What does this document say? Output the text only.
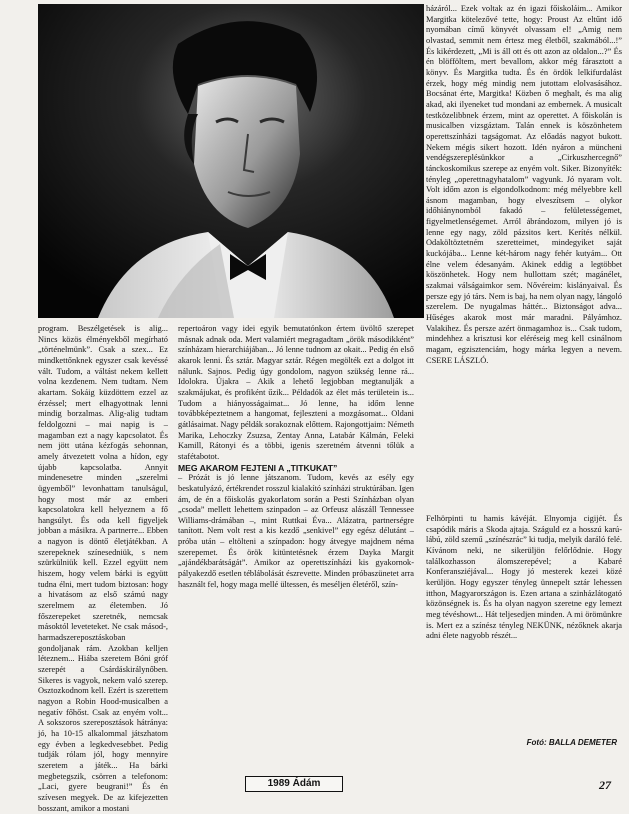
program. Beszélgetések is alig... Nincs közös élményekből megírható „történelmünk”. Csak a szex... Ez mindkettőnknek egyszer csak kevéssé vált. Tudom, a váltást nekem kellett volna kezdenem. Nem tudtam. Nem akartam. Sokáig küzdöttem ezzel az érzéssel; mert elhagyottnak lenni mindig borzalmas. Alig-alig tudtam feldolgozni – mai napig is – magamban ezt a nagy kapcsolatot. És nem jött utána kézfogás sehonnan, amely átvezetett volna a hídon, egy újabb kapcsolatba. Annyit mindenesetre minden „szerelmi ügyemből” levonhattam tanulságul, hogy most már az emberi kapcsolatokra kell helyeznem a fő hangsúlyt. És oda kell figyeljek jobban a másikra. A partnerre... Ebben a nagyon is döntő életjátékban. A szerepeknek színesedniük, s nem szürkülniük kell. Ezzel együtt nem hiszem, hogy velem bárki is együtt tudna élni, mert tudom biztosan: hogy a hivatásom az első számú nagy szerelmem az életemben. Jó főszerepeket szeretnék, nemcsak másoktól leveteteket. Ne csak másod-, harmadszereposztáskoban gondoljanak rám. Azokban kelljen léteznem... Hiába szeretem Bóni gróf szerepét a Csárdáskirálynőben. Sikeres is vagyok, nekem való szerep. Osztozkodnom kell. Ezért is szerettem nagyon a Robin Hood-musicalben a negatív főhőst. Csak az enyém volt... A sokszoros szereposztások hátránya: jó, ha 10-15 alkalommal játszhatom egy évben a legkedvesebbet. Pedig tudják rólam jól, hogy mennyire szeretem a játék... Ha bárki megbetegszik, csörren a telefonom: „Laci, gyere beugrani!” És én szívesen megyek. De az kifejezetten bosszant, amikor a mostani

repertoáron vagy idei egyik bemutatónkon értem üvöltő szerepet másnak adnak oda. Mert valamiért megragadtam „örök másodikként” színházam hierarchiájában... Jó lenne tudnom az okait... Pedig én első akarok lenni. És sztár. Magyar sztár. Régen megölték ezt a dolgot itt nálunk. Sajnos. Pedig úgy gondolom, nagyon szükség lenne rá... Idolokra. Újakra – Akik a lehető legjobban megtanulják a szakmájukat, és profiként űzik... Példadók az élet más területein is... Tudom a hiányosságaimat... Jó lenne, ha időm lenne továbbképeztetnem a hangomat, fejleszteni a mozgásomat... Oldani gátlásaimat. Nagy példák sorakoznak előttem. Rajongottjaim: Németh Marika, Lehoczky Zsuzsa, Zentay Anna, Latabár Kálmán, Feleki Kamill, Rátonyi és a többi, igenis szeretném átvenni tőlük a stafétabotot.

MEG AKAROM FEJTENI A „TITKUKAT”

– Prózát is jó lenne játszanom. Tudom, kevés az esély egy beskatulyázó, értékrendet rosszul kialakító színházi struktúrában. Igen ám, de én a főiskolás gyakorlatom során a Pesti Színházban olyan „csoda” mellett lehettem szinpadon – az Orfeusz alászáll Tennessee Williams-drámában –, mint Ruttkai Éva... Alázatra, partnerségre tanított. Nem volt rest a kis kezdő „senkivel” egy egész délutánt – próba után – eltölteni a színpadon: hogy átvegye majdnem néma szerepemet. És örök kitüntetésnek érzem Dayka Margit „ajándékbarátságát”. Amikor az operettszínházi kis gyakornok-pályakezdő esetlen téblábolását észrevette. Minden próbaszünetet arra használt fel, hogy maga mellé ültessen, és meséljen életéről, szín-

házáról... Ezek voltak az én igazi főiskoláim... Amikor Margitka kötelezővé tette, hogy: Proust Az eltűnt idő nyomában című könyvét olvassam el! „Amig nem olvastad, semmit nem értesz meg életből, szakmából...!” És kikérdezett, „Mi is áll ott és ott azon az oldalon...?” És én blöfföltem, mert bevallom, akkor még fárasztott a könyv. És Margitka tudta. És én ördök lelkifurdalást érzek, hogy még mindig nem jutottam elolvasásához. Bocsánat érte, Margitka! Közben ő meghalt, és ma alig akad, aki ilyeneket tud mondani az embernek. A musicalt testközelibbnek érzem, mint az operettet. A főiskolán is musicalben vizsgáztam. Talán ennek is köszönhetem operettszínházi tagságomat. Az előadás nagyot bukott. Nekem mégis sikert hozott. Idén nyáron a müncheni vendégszereplésünkkor a „Cirkuszhercegnő” tánckoskomikus szerepe az enyém volt. Siker. Bizonyíték: tényleg „operettnagyhatalom” vagyunk. Jó nyaram volt. Volt időm azon is elgondolkodnom: még mélyebbre kell ásnom magamban, hogy elveszítsem – olykor időhiánynomból fakadó – felületességemet, figyelmetlenségemet. Arról ábrándozom, milyen jó is lenne egy nagy, zöld pázsitos kert. Kerítés nélkül. Odaköltöztetném szeretteimet, mindegyiket saját kuckójába... Lenne két-három nagy fehér kutyám... Ott élne velem édesanyám. Akinek eddig a legtöbbet köszönhetek. Hogy nem hullottam szét; magánélet, szakmai válságaimkor sem. Nővéreim: kislányaival. És persze egy jó társ. Nem is baj, ha nem olyan nagy, lángoló szerelem. De nyugalmas háttér... Biztonságot adva... Hűséges akarok most már maradni. Pályámhoz. Valakihez. És persze azért önmagamhoz is... Csak tudom, mindehhez a krisztusi kor eléréseig meg kell csinálnom magam, egzisztenciám, hogy márka legyen a nevem. CSERE LÁSZLÓ.

Felhörpinti tu hamis kávéját. Elnyomja cigijét. És csapódik máris a Skoda ajtaja. Száguld ez a hosszú karú-lábú, zöld szemű „színészrác” ki tudja, melyik daráló felé. Kívánom neki, ne sikerüljön felőrlődnie. Hogy találkozhasson álomszerepével; a Kabaré Konferansziéjával... Hogy jó mesterek kezei közé kerüljön. Hogy egyszer tényleg ünnepelt sztár lehessen itthon, Magyarországon is. Ezen artana a szinházlátogató közönségnek is. És ha olyan nagyon szeretne egy lemezt meg tévéshowt... Hát teljesedjen minden. A mi örömünkre is. Mert ez a színész tényleg NEKÜNK, nézőknek akarja adni élete nagyobb részét...

Fotó: BALLA DEMETER
1989 Ádám	27
